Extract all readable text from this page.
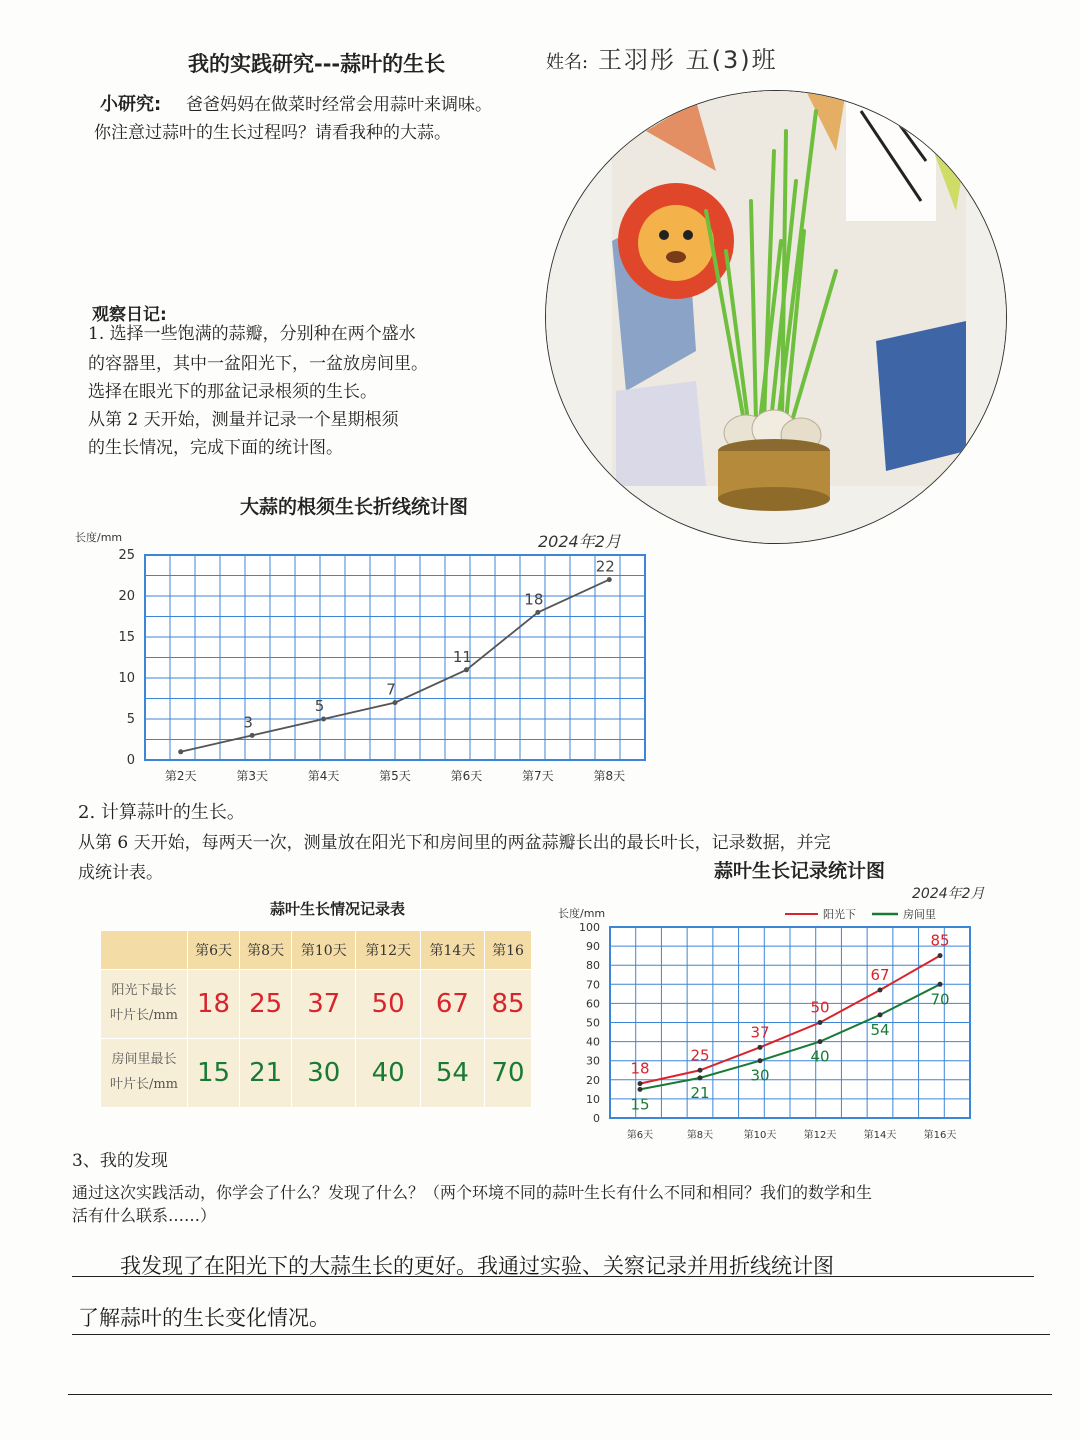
我的实践研究---蒜叶的生长	姓名: 王羽彤 五(3)班
小研究: 爸爸妈妈在做菜时经常会用蒜叶来调味。
你注意过蒜叶的生长过程吗？请看我种的大蒜。
观察日记:
1. 选择一些饱满的蒜瓣，分别种在两个盛水
的容器里，其中一盆阳光下，一盆放房间里。
选择在眼光下的那盆记录根须的生长。
从第 2 天开始，测量并记录一个星期根须
的生长情况，完成下面的统计图。
大蒜的根须生长折线统计图
0
5
10
15
20
25
第2天	第3天	第4天	第5天	第6天	第7天	第8天
长度/mm	2024年2月
3
5
7
11
18
22
2. 计算蒜叶的生长。
从第 6 天开始，每两天一次，测量放在阳光下和房间里的两盆蒜瓣长出的最长叶长，记录数据，并完
成统计表。	蒜叶生长记录统计图
蒜叶生长情况记录表
	第6天	第8天	第10天	第12天	第14天	第16
阳光下最长
叶片长/mm	18	25	37	50	67	85
房间里最长
叶片长/mm	15	21	30	40	54	70
0
10
20
30
40
50
60
70
80
90
100
第6天	第8天	第10天	第12天	第14天	第16天
长度/mm
2024年2月
18
25
37
50
67
85
15
21
30
40
54
70
阳光下	房间里
3、我的发现
通过这次实践活动，你学会了什么？发现了什么？（两个环境不同的蒜叶生长有什么不同和相同？我们的数学和生
活有什么联系……）
我发现了在阳光下的大蒜生长的更好。我通过实验、关察记录并用折线统计图
了解蒜叶的生长变化情况。
